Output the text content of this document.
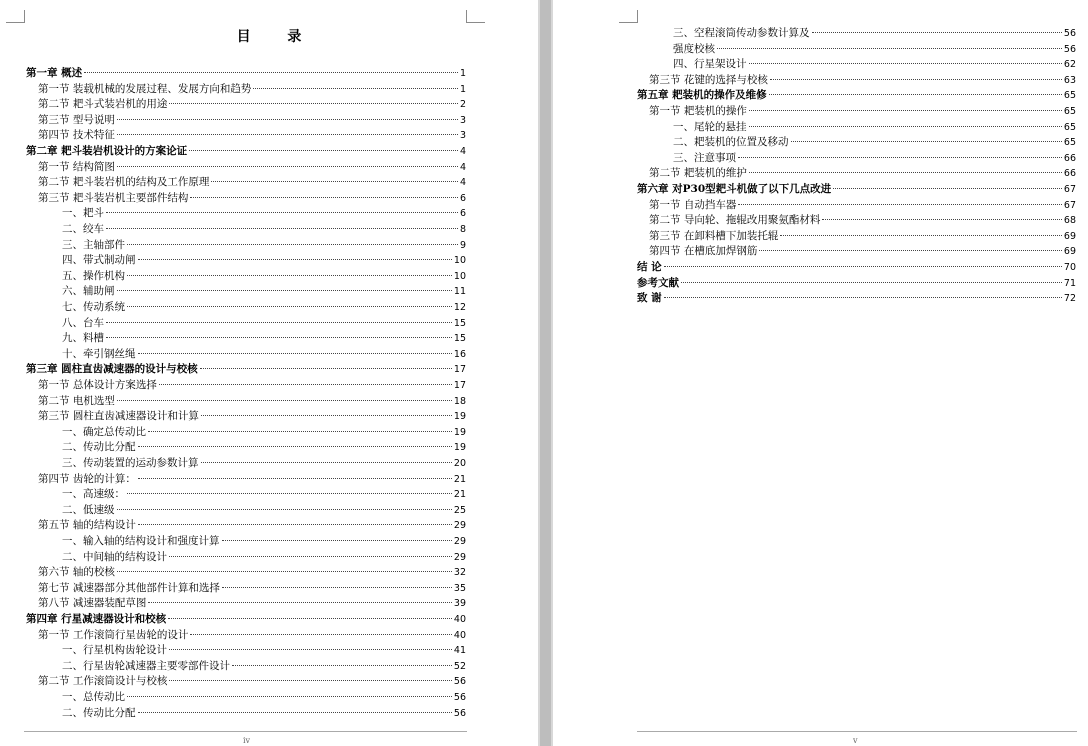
目 录
第一章 概述	1
第一节 装载机械的发展过程、发展方向和趋势	1
第二节 耙斗式装岩机的用途	2
第三节 型号说明	3
第四节 技术特征	3
第二章 耙斗装岩机设计的方案论证	4
第一节 结构简图	4
第二节 耙斗装岩机的结构及工作原理	4
第三节 耙斗装岩机主要部件结构	6
一、耙斗	6
二、绞车	8
三、主轴部件	9
四、带式制动闸	10
五、操作机构	10
六、辅助闸	11
七、传动系统	12
八、台车	15
九、料槽	15
十、牵引钢丝绳	16
第三章 圆柱直齿减速器的设计与校核	17
第一节 总体设计方案选择	17
第二节 电机选型	18
第三节 圆柱直齿减速器设计和计算	19
一、确定总传动比	19
二、传动比分配	19
三、传动装置的运动参数计算	20
第四节 齿轮的计算：	21
一、高速级：	21
二、低速级	25
第五节 轴的结构设计	29
一、输入轴的结构设计和强度计算	29
二、中间轴的结构设计	29
第六节 轴的校核	32
第七节 减速器部分其他部件计算和选择	35
第八节 减速器装配草图	39
第四章 行星减速器设计和校核	40
第一节 工作滚筒行星齿轮的设计	40
一、行星机构齿轮设计	41
二、行星齿轮减速器主要零部件设计	52
第二节 工作滚筒设计与校核	56
一、总传动比	56
二、传动比分配	56
iv
三、空程滚筒传动参数计算及	56
强度校核	56
四、行星架设计	62
第三节 花键的选择与校核	63
第五章 耙装机的操作及维修	65
第一节 耙装机的操作	65
一、尾轮的悬挂	65
二、耙装机的位置及移动	65
三、注意事项	66
第二节 耙装机的维护	66
第六章 对P30型耙斗机做了以下几点改进	67
第一节 自动挡车器	67
第二节 导向轮、拖辊改用聚氨酯材料	68
第三节 在卸料槽下加装托辊	69
第四节 在槽底加焊钢筋	69
结 论	70
参考文献	71
致 谢	72
v
